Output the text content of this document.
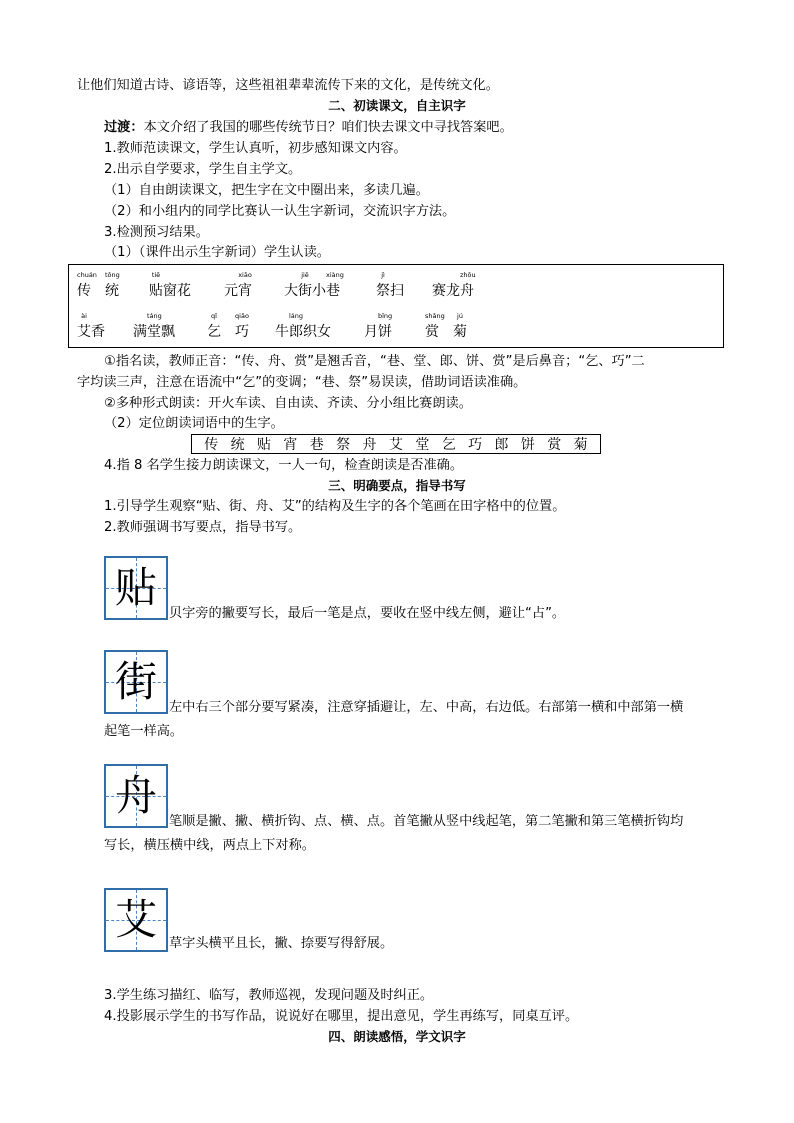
让他们知道古诗、谚语等，这些祖祖辈辈流传下来的文化，是传统文化。
二、初读课文，自主识字
过渡：本文介绍了我国的哪些传统节日？咱们快去课文中寻找答案吧。
1.教师范读课文，学生认真听，初步感知课文内容。
2.出示自学要求，学生自主学文。
（1）自由朗读课文，把生字在文中圈出来，多读几遍。
（2）和小组内的同学比赛认一认生字新词，交流识字方法。
3.检测预习结果。
（1）（课件出示生字新词）学生认读。
传
chuán
统
tǒng
贴
tiē
窗花 元宵
xiāo
大街
jiē
小巷
xiàng
祭
jì
扫 赛龙舟
zhōu
艾
ài
香 满堂
táng
飘 乞
qǐ
巧
qiǎo
牛郎
láng
织女 月饼
bǐng
赏
shǎng
菊
jú
①指名读，教师正音：“传、舟、赏”是翘舌音，“巷、堂、郎、饼、赏”是后鼻音；“乞、巧”二
字均读三声，注意在语流中“乞”的变调；“巷、祭”易误读，借助词语读准确。
②多种形式朗读：开火车读、自由读、齐读、分小组比赛朗读。
（2）定位朗读词语中的生字。
传 统 贴 宵 巷 祭 舟 艾 堂 乞 巧 郎 饼 赏 菊
4.指 8 名学生接力朗读课文，一人一句，检查朗读是否准确。
三、明确要点，指导书写
1.引导学生观察“贴、街、舟、艾”的结构及生字的各个笔画在田字格中的位置。
2.教师强调书写要点，指导书写。
贴
贝字旁的撇要写长，最后一笔是点，要收在竖中线左侧，避让“占”。
街
左中右三个部分要写紧凑，注意穿插避让，左、中高，右边低。右部第一横和中部第一横
起笔一样高。
舟
笔顺是撇、撇、横折钩、点、横、点。首笔撇从竖中线起笔，第二笔撇和第三笔横折钩均
写长，横压横中线，两点上下对称。
艾 草字头横平且长，撇、捺要写得舒展。
3.学生练习描红、临写，教师巡视，发现问题及时纠正。
4.投影展示学生的书写作品，说说好在哪里，提出意见，学生再练写，同桌互评。
四、朗读感悟，学文识字
